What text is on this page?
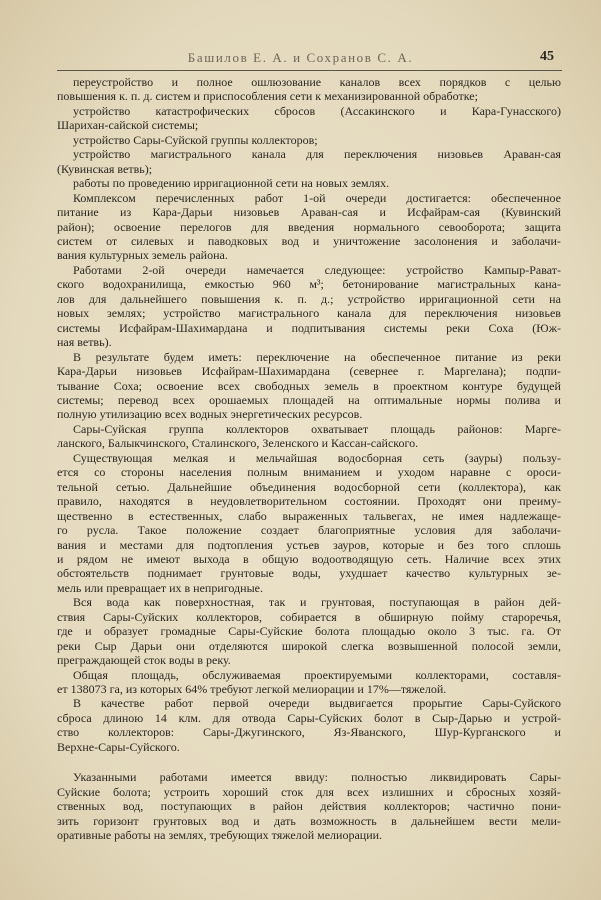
Башилов Е. А. и Сохранов С. А.	45
переустройство и полное ошлюзование каналов всех порядков с целью
повышения к. п. д. систем и приспособления сети к механизированной обработке;
устройство катастрофических сбросов (Ассакинского и Кара-Гунасского)
Шарихан-сайской системы;
устройство Сары-Суйской группы коллекторов;
устройство магистрального канала для переключения низовьев Араван-сая
(Кувинская ветвь);
работы по проведению ирригационной сети на новых землях.
Комплексом перечисленных работ 1-ой очереди достигается: обеспеченное
питание из Кара-Дарьи низовьев Араван-сая и Исфайрам-сая (Кувинский
район); освоение перелогов для введения нормального севооборота; защита
систем от силевых и паводковых вод и уничтожение засолонения и заболачи-
вания культурных земель района.
Работами 2-ой очереди намечается следующее: устройство Кампыр-Рават-
ского водохранилища, емкостью 960 м³; бетонирование магистральных кана-
лов для дальнейшего повышения к. п. д.; устройство ирригационной сети на
новых землях; устройство магистрального канала для переключения низовьев
системы Исфайрам-Шахимардана и подпитывания системы реки Соха (Юж-
ная ветвь).
В результате будем иметь: переключение на обеспеченное питание из реки
Кара-Дарьи низовьев Исфайрам-Шахимардана (севернее г. Маргелана); подпи-
тывание Соха; освоение всех свободных земель в проектном контуре будущей
системы; перевод всех орошаемых площадей на оптимальные нормы полива и
полную утилизацию всех водных энергетических ресурсов.
Сары-Суйская группа коллекторов охватывает площадь районов: Марге-
ланского, Балыкчинского, Сталинского, Зеленского и Кассан-сайского.
Существующая мелкая и мельчайшая водосборная сеть (зауры) пользу-
ется со стороны населения полным вниманием и уходом наравне с ороси-
тельной сетью. Дальнейшие объединения водосборной сети (коллектора), как
правило, находятся в неудовлетворительном состоянии. Проходят они преиму-
щественно в естественных, слабо выраженных тальвегах, не имея надлежаще-
го русла. Такое положение создает благоприятные условия для заболачи-
вания и местами для подтопления устьев зауров, которые и без того сплошь
и рядом не имеют выхода в общую водоотводящую сеть. Наличие всех этих
обстоятельств поднимает грунтовые воды, ухудшает качество культурных зе-
мель или превращает их в непригодные.
Вся вода как поверхностная, так и грунтовая, поступающая в район дей-
ствия Сары-Суйских коллекторов, собирается в обширную пойму староречья,
где и образует громадные Сары-Суйские болота площадью около 3 тыс. га. От
реки Сыр Дарьи они отделяются широкой слегка возвышенной полосой земли,
преграждающей сток воды в реку.
Общая площадь, обслуживаемая проектируемыми коллекторами, составля-
ет 138073 га, из которых 64% требуют легкой мелиорации и 17%—тяжелой.
В качестве работ первой очереди выдвигается прорытие Сары-Суйского
сброса длиною 14 клм. для отвода Сары-Суйских болот в Сыр-Дарью и устрой-
ство коллекторов: Сары-Джугинского, Яз-Яванского, Шур-Курганского и
Верхне-Сары-Суйского.
Указанными работами имеется ввиду: полностью ликвидировать Сары-
Суйские болота; устроить хороший сток для всех излишних и сбросных хозяй-
ственных вод, поступающих в район действия коллекторов; частично пони-
зить горизонт грунтовых вод и дать возможность в дальнейшем вести мели-
оративные работы на землях, требующих тяжелой мелиорации.
